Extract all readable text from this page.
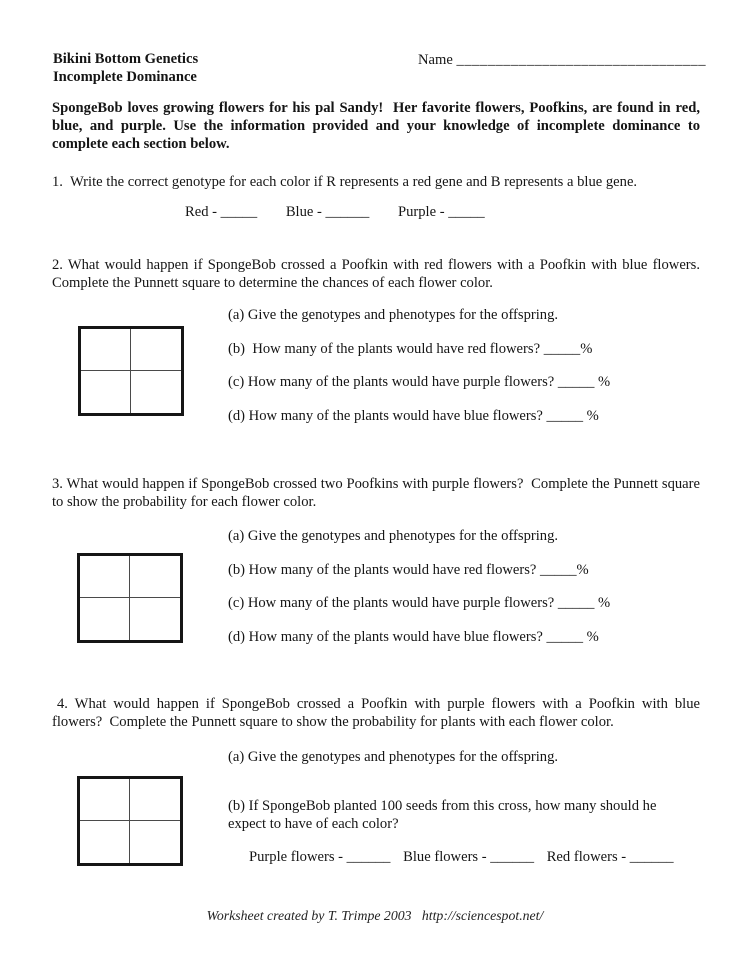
Bikini Bottom Genetics
Incomplete Dominance
Name ________________________________
SpongeBob loves growing flowers for his pal Sandy!  Her favorite flowers, Poofkins, are found in red, blue, and purple. Use the information provided and your knowledge of incomplete dominance to complete each section below.
1.  Write the correct genotype for each color if R represents a red gene and B represents a blue gene.
Red - _____ Blue - ______ Purple - _____
2. What would happen if SpongeBob crossed a Poofkin with red flowers with a Poofkin with blue flowers. Complete the Punnett square to determine the chances of each flower color.
(a) Give the genotypes and phenotypes for the offspring.
(b)  How many of the plants would have red flowers? _____%
(c) How many of the plants would have purple flowers? _____ %
(d) How many of the plants would have blue flowers? _____ %
3. What would happen if SpongeBob crossed two Poofkins with purple flowers?  Complete the Punnett square to show the probability for each flower color.
(a) Give the genotypes and phenotypes for the offspring.
(b) How many of the plants would have red flowers? _____%
(c) How many of the plants would have purple flowers? _____ %
(d) How many of the plants would have blue flowers? _____ %
4. What would happen if SpongeBob crossed a Poofkin with purple flowers with a Poofkin with blue flowers?  Complete the Punnett square to show the probability for plants with each flower color.
(a) Give the genotypes and phenotypes for the offspring.
(b) If SpongeBob planted 100 seeds from this cross, how many should he expect to have of each color?
Purple flowers - ______ Blue flowers - ______ Red flowers - ______
Worksheet created by T. Trimpe 2003   http://sciencespot.net/
